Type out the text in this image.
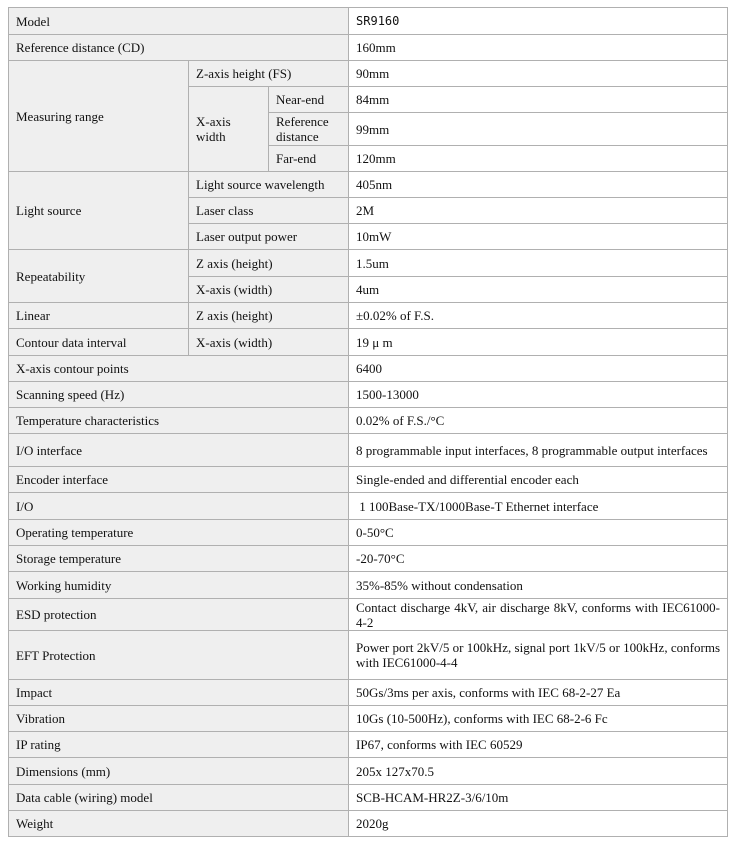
Model			SR9160
Reference distance (CD)			160mm
Measuring range	Z-axis height (FS)		90mm
	X-axis width	Near-end	84mm
		Reference distance	99mm
		Far-end	120mm
Light source	Light source wavelength		405nm
	Laser class		2M
	Laser output power		10mW
Repeatability	Z axis (height)		1.5um
	X-axis (width)		4um
Linear	Z axis (height)		±0.02% of F.S.
Contour data interval	X-axis (width)		19 μ m
X-axis contour points			6400
Scanning speed (Hz)			1500-13000
Temperature characteristics			0.02% of F.S./°C
I/O interface			8 programmable input interfaces, 8 programmable output interfaces
Encoder interface			Single-ended and differential encoder each
I/O			1 100Base-TX/1000Base-T Ethernet interface
Operating temperature			0-50°C
Storage temperature			-20-70°C
Working humidity			35%-85% without condensation
ESD protection			Contact discharge 4kV, air discharge 8kV, conforms with IEC61000-4-2
EFT Protection			Power port 2kV/5 or 100kHz, signal port 1kV/5 or 100kHz, conforms with IEC61000-4-4
Impact			50Gs/3ms per axis, conforms with IEC 68-2-27 Ea
Vibration			10Gs (10-500Hz), conforms with IEC 68-2-6 Fc
IP rating			IP67, conforms with IEC 60529
Dimensions (mm)			205x 127x70.5
Data cable (wiring) model			SCB-HCAM-HR2Z-3/6/10m
Weight			2020g
